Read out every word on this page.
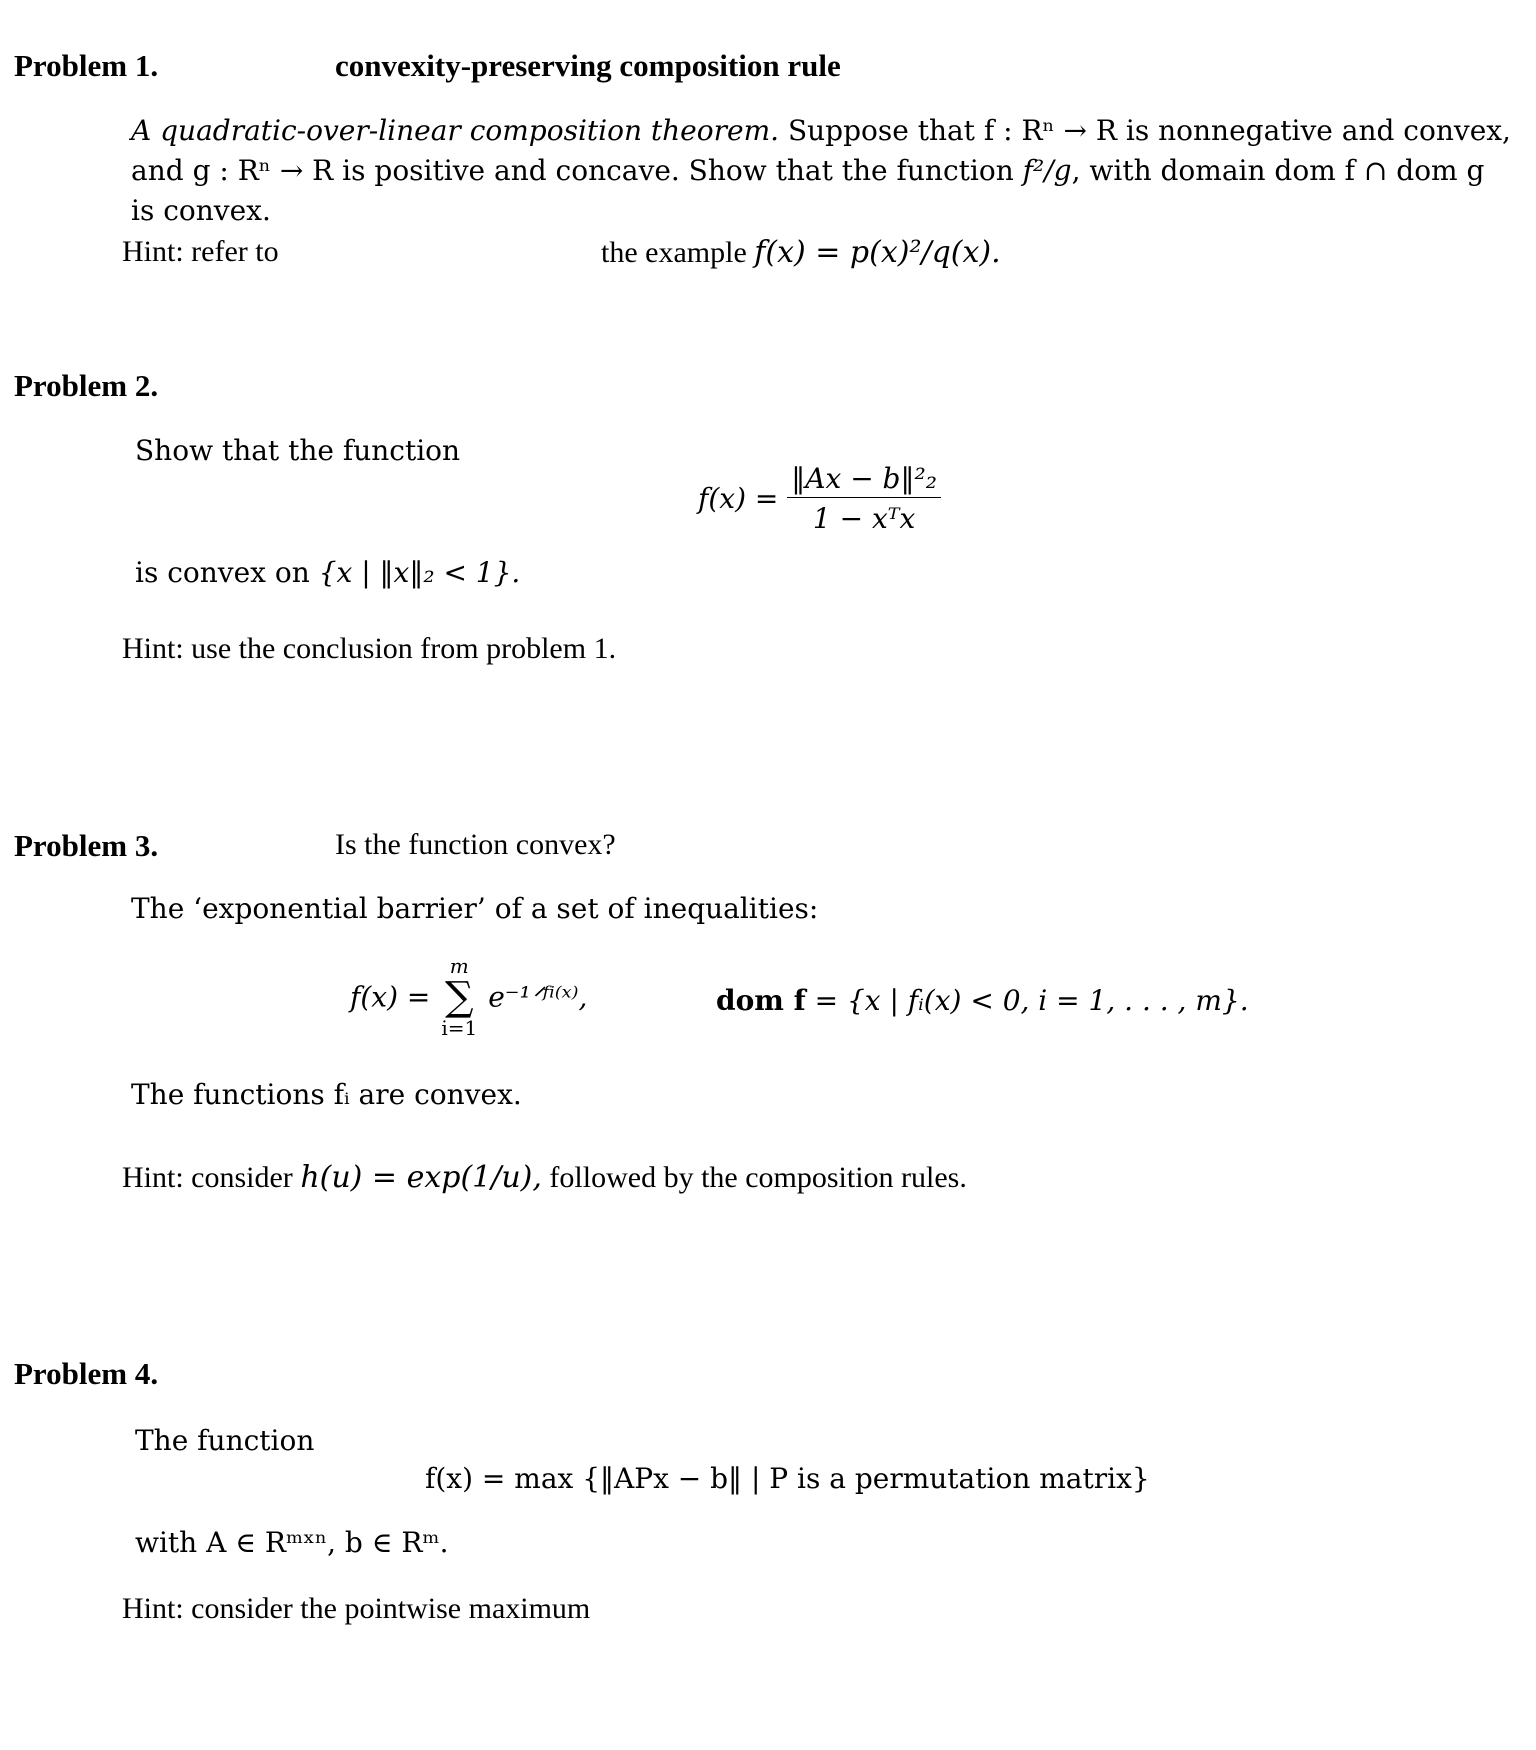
Problem 1.	convexity-preserving composition rule
A quadratic-over-linear composition theorem. Suppose that f : Rⁿ → R is nonnegative and convex,
and g : Rⁿ → R is positive and concave. Show that the function f²/g, with domain dom f ∩ dom g
is convex.
Hint: refer to	the example f(x) = p(x)²/q(x).
Problem 2.
Show that the function
$f(x) = \frac{\text{‖Ax − b‖²₂}}{\text{1 − xᵀx}}$
is convex on {x | ‖x‖₂ < 1}.
Hint: use the conclusion from problem 1.
Problem 3.	Is the function convex?
The ‘exponential barrier’ of a set of inequalities:
f(x) =
m
∑
i=1
e⁻¹ᐟᶠⁱ⁽ˣ⁾,	dom f = {x | fᵢ(x) < 0, i = 1, . . . , m}.
The functions fᵢ are convex.
Hint: consider h(u) = exp(1/u), followed by the composition rules.
Problem 4.
The function
f(x) = max {‖APx − b‖ | P is a permutation matrix}
with A ∈ Rᵐˣⁿ, b ∈ Rᵐ.
Hint: consider the pointwise maximum
